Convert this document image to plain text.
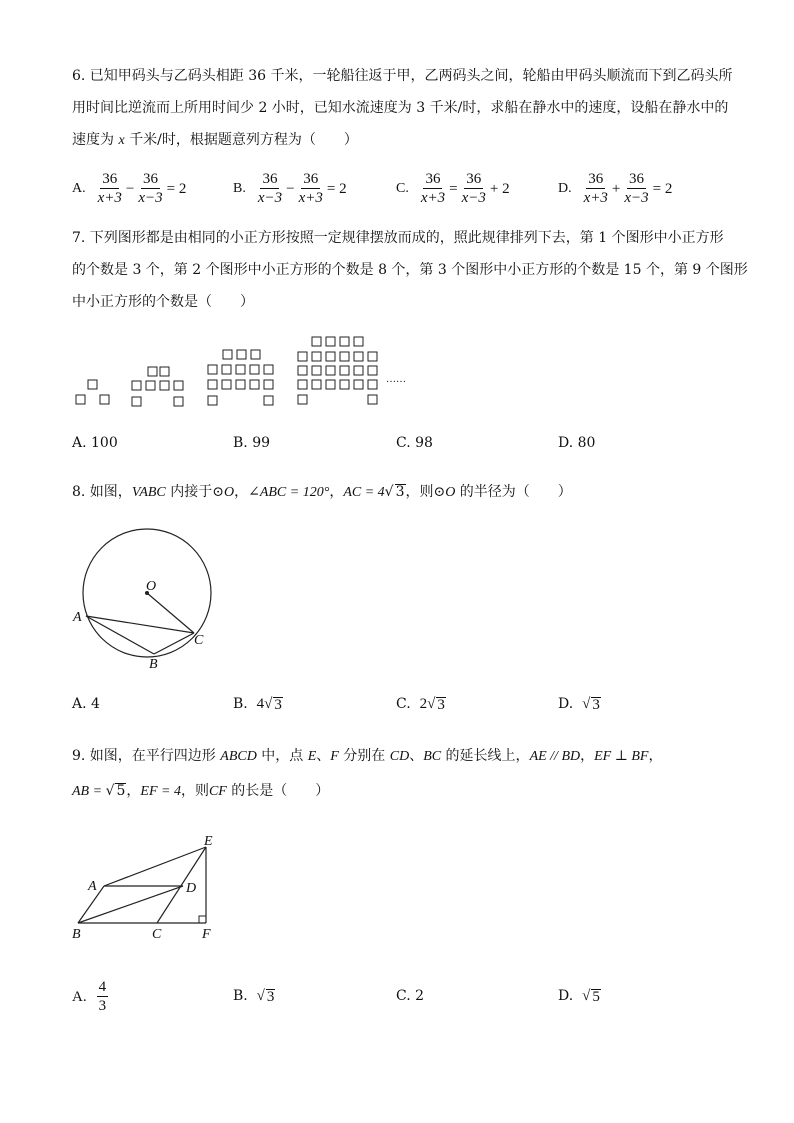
6. 已知甲码头与乙码头相距 36 千米，一轮船往返于甲，乙两码头之间，轮船由甲码头顺流而下到乙码头所
用时间比逆流而上所用时间少 2 小时，已知水流速度为 3 千米/时，求船在静水中的速度，设船在静水中的
速度为 x 千米/时，根据题意列方程为（　　）
A. $\frac{36}{x+3} - \frac{36}{x-3} = 2$	B. $\frac{36}{x-3} - \frac{36}{x+3} = 2$	C. $\frac{36}{x+3} = \frac{36}{x-3} + 2$	D. $\frac{36}{x+3} + \frac{36}{x-3} = 2$
7. 下列图形都是由相同的小正方形按照一定规律摆放而成的，照此规律排列下去，第 1 个图形中小正方形
的个数是 3 个，第 2 个图形中小正方形的个数是 8 个，第 3 个图形中小正方形的个数是 15 个，第 9 个图形
中小正方形的个数是（　　）
……
A. 100	B. 99	C. 98	D. 80
8. 如图，VABC 内接于⊙O，∠ABC = 120°，AC = 4√ 3，则⊙O 的半径为（　　）
O
A
B
C
A. 4	B. 4 √ 3	C. 2 √ 3	D. √ 3
9. 如图，在平行四边形 ABCD 中，点 E、F 分别在 CD、BC 的延长线上，AE // BD，EF ⊥ BF，
AB = √ 5，EF = 4，则CF 的长是（　　）
E
A	D
B	C	F
A. $\frac{4}{3}$	B. √ 3	C. 2	D. √ 5
